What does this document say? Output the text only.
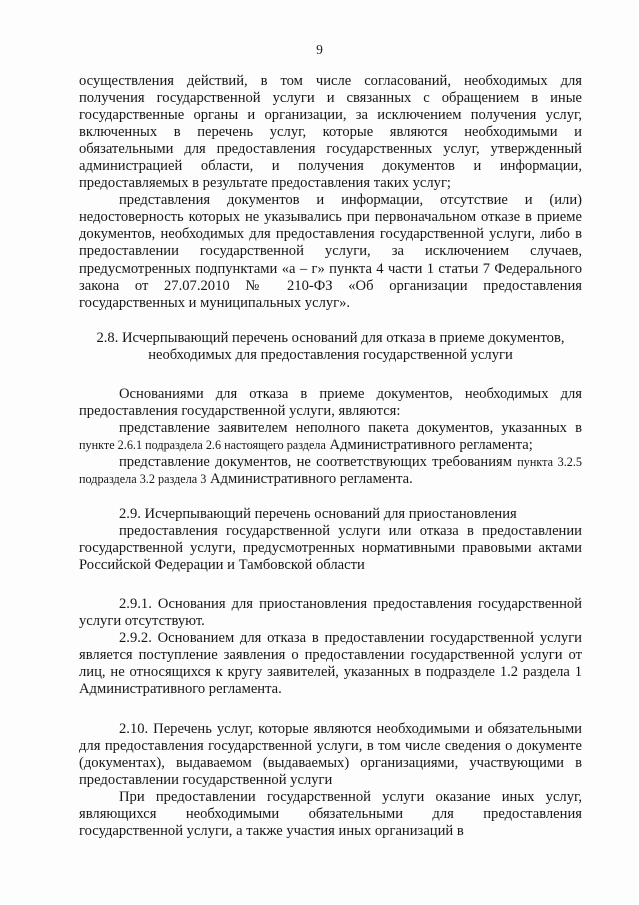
9

осуществления действий, в том числе согласований, необходимых для получения государственной услуги и связанных с обращением в иные государственные органы и организации, за исключением получения услуг, включенных в перечень услуг, которые являются необходимыми и обязательными для предоставления государственных услуг, утвержденный администрацией области, и получения документов и информации, предоставляемых в результате предоставления таких услуг;

представления документов и информации, отсутствие и (или) недостоверность которых не указывались при первоначальном отказе в приеме документов, необходимых для предоставления государственной услуги, либо в предоставлении государственной услуги, за исключением случаев, предусмотренных подпунктами «а – г» пункта 4 части 1 статьи 7 Федерального закона от 27.07.2010 № 210-ФЗ «Об организации предоставления государственных и муниципальных услуг».

2.8. Исчерпывающий перечень оснований для отказа в приеме документов, необходимых для предоставления государственной услуги

Основаниями для отказа в приеме документов, необходимых для предоставления государственной услуги, являются:

представление заявителем неполного пакета документов, указанных в пункте 2.6.1 подраздела 2.6 настоящего раздела Административного регламента;

представление документов, не соответствующих требованиям пункта 3.2.5 подраздела 3.2 раздела 3 Административного регламента.

2.9. Исчерпывающий перечень оснований для приостановления

предоставления государственной услуги или отказа в предоставлении государственной услуги, предусмотренных нормативными правовыми актами Российской Федерации и Тамбовской области

2.9.1. Основания для приостановления предоставления государственной услуги отсутствуют.

2.9.2. Основанием для отказа в предоставлении государственной услуги является поступление заявления о предоставлении государственной услуги от лиц, не относящихся к кругу заявителей, указанных в подразделе 1.2 раздела 1 Административного регламента.

2.10. Перечень услуг, которые являются необходимыми и обязательными для предоставления государственной услуги, в том числе сведения о документе (документах), выдаваемом (выдаваемых) организациями, участвующими в предоставлении государственной услуги

При предоставлении государственной услуги оказание иных услуг, являющихся необходимыми обязательными для предоставления государственной услуги, а также участия иных организаций в
